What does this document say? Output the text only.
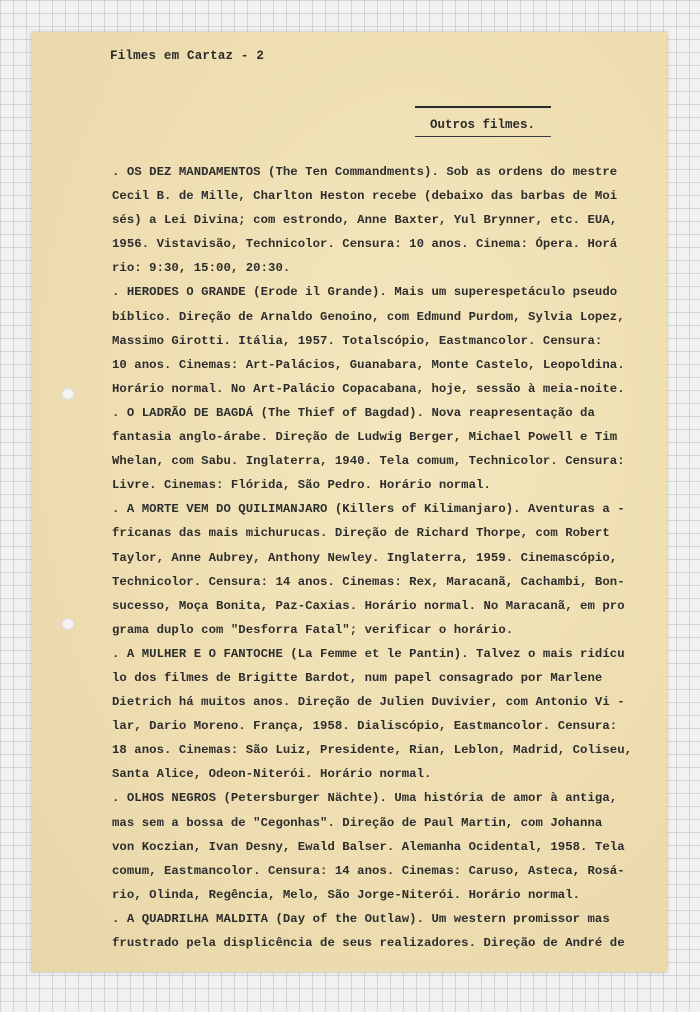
Filmes em Cartaz - 2
Outros filmes.
. OS DEZ MANDAMENTOS (The Ten Commandments). Sob as ordens do mestre
Cecil B. de Mille, Charlton Heston recebe (debaixo das barbas de Moi
sés) a Lei Divina; com estrondo, Anne Baxter, Yul Brynner, etc. EUA,
1956. Vistavisão, Technicolor. Censura: 10 anos. Cinema: Ópera. Horá
rio: 9:30, 15:00, 20:30.
. HERODES O GRANDE (Erode il Grande). Mais um superespetáculo pseudo
bíblico. Direção de Arnaldo Genoino, com Edmund Purdom, Sylvia Lopez,
Massimo Girotti. Itália, 1957. Totalscópio, Eastmancolor. Censura:
10 anos. Cinemas: Art-Palácios, Guanabara, Monte Castelo, Leopoldina.
Horário normal. No Art-Palácio Copacabana, hoje, sessão à meia-noite.
. O LADRÃO DE BAGDÁ (The Thief of Bagdad). Nova reapresentação da
fantasia anglo-árabe. Direção de Ludwig Berger, Michael Powell e Tim
Whelan, com Sabu. Inglaterra, 1940. Tela comum, Technicolor. Censura:
Livre. Cinemas: Flórida, São Pedro. Horário normal.
. A MORTE VEM DO QUILIMANJARO (Killers of Kilimanjaro). Aventuras a -
fricanas das mais michurucas. Direção de Richard Thorpe, com Robert
Taylor, Anne Aubrey, Anthony Newley. Inglaterra, 1959. Cinemascópio,
Technicolor. Censura: 14 anos. Cinemas: Rex, Maracanã, Cachambi, Bon-
sucesso, Moça Bonita, Paz-Caxias. Horário normal. No Maracanã, em pro
grama duplo com "Desforra Fatal"; verificar o horário.
. A MULHER E O FANTOCHE (La Femme et le Pantin). Talvez o mais ridícu
lo dos filmes de Brigitte Bardot, num papel consagrado por Marlene
Dietrich há muitos anos. Direção de Julien Duvivier, com Antonio Vi -
lar, Dario Moreno. França, 1958. Dialiscópio, Eastmancolor. Censura:
18 anos. Cinemas: São Luiz, Presidente, Rian, Leblon, Madrid, Coliseu,
Santa Alice, Odeon-Niterói. Horário normal.
. OLHOS NEGROS (Petersburger Nächte). Uma história de amor à antiga,
mas sem a bossa de "Cegonhas". Direção de Paul Martin, com Johanna
von Koczian, Ivan Desny, Ewald Balser. Alemanha Ocidental, 1958. Tela
comum, Eastmancolor. Censura: 14 anos. Cinemas: Caruso, Asteca, Rosá-
rio, Olinda, Regência, Melo, São Jorge-Niterói. Horário normal.
. A QUADRILHA MALDITA (Day of the Outlaw). Um western promissor mas
frustrado pela displicência de seus realizadores. Direção de André de
